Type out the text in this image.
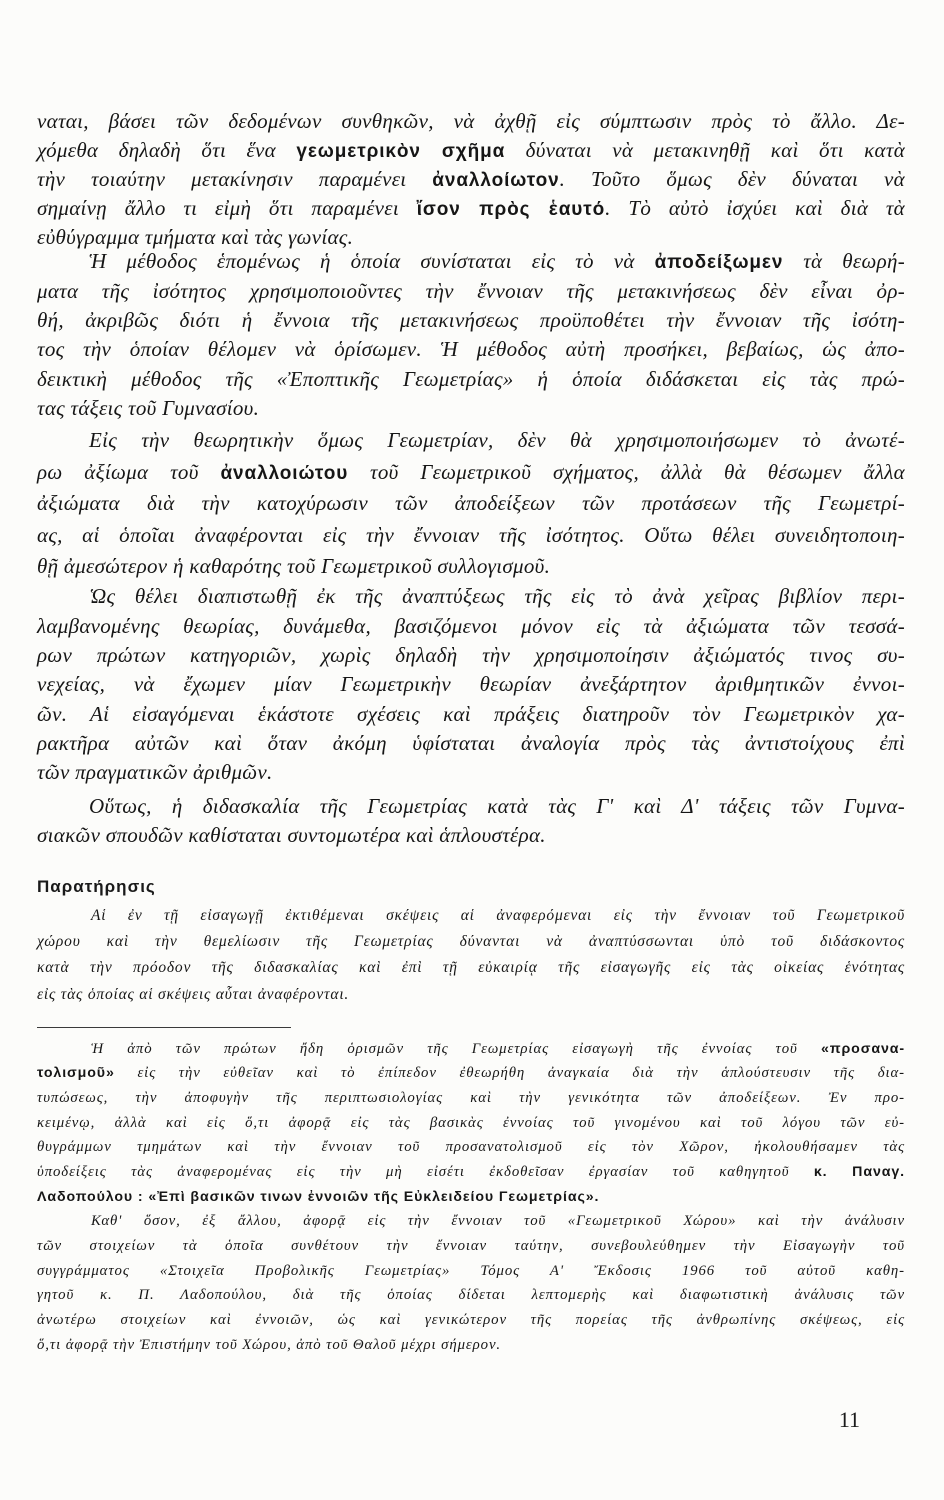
ναται, βάσει τῶν δεδομένων συνθηκῶν, νὰ ἀχθῇ εἰς σύμπτωσιν πρὸς τὸ ἄλλο. Δε-
χόμεθα δηλαδὴ ὅτι ἕνα γεωμετρικὸν σχῆμα δύναται νὰ μετακινηθῇ καὶ ὅτι κατὰ
τὴν τοιαύτην μετακίνησιν παραμένει ἀναλλοίωτον. Τοῦτο ὅμως δὲν δύναται νὰ
σημαίνῃ ἄλλο τι εἰμὴ ὅτι παραμένει ἴσον πρὸς ἑαυτό. Τὸ αὐτὸ ἰσχύει καὶ διὰ τὰ
εὐθύγραμμα τμήματα καὶ τὰς γωνίας.
Ἡ μέθοδος ἑπομένως ἡ ὁποία συνίσταται εἰς τὸ νὰ ἀποδείξωμεν τὰ θεωρή-
ματα τῆς ἰσότητος χρησιμοποιοῦντες τὴν ἔννοιαν τῆς μετακινήσεως δὲν εἶναι ὀρ-
θή, ἀκριβῶς διότι ἡ ἔννοια τῆς μετακινήσεως προϋποθέτει τὴν ἔννοιαν τῆς ἰσότη-
τος τὴν ὁποίαν θέλομεν νὰ ὁρίσωμεν. Ἡ μέθοδος αὐτὴ προσήκει, βεβαίως, ὡς ἀπο-
δεικτικὴ μέθοδος τῆς «Ἐποπτικῆς Γεωμετρίας» ἡ ὁποία διδάσκεται εἰς τὰς πρώ-
τας τάξεις τοῦ Γυμνασίου.
Εἰς τὴν θεωρητικὴν ὅμως Γεωμετρίαν, δὲν θὰ χρησιμοποιήσωμεν τὸ ἀνωτέ-
ρω ἀξίωμα τοῦ ἀναλλοιώτου τοῦ Γεωμετρικοῦ σχήματος, ἀλλὰ θὰ θέσωμεν ἄλλα
ἀξιώματα διὰ τὴν κατοχύρωσιν τῶν ἀποδείξεων τῶν προτάσεων τῆς Γεωμετρί-
ας, αἱ ὁποῖαι ἀναφέρονται εἰς τὴν ἔννοιαν τῆς ἰσότητος. Οὕτω θέλει συνειδητοποιη-
θῇ ἀμεσώτερον ἡ καθαρότης τοῦ Γεωμετρικοῦ συλλογισμοῦ.
Ὡς θέλει διαπιστωθῇ ἐκ τῆς ἀναπτύξεως τῆς εἰς τὸ ἀνὰ χεῖρας βιβλίον περι-
λαμβανομένης θεωρίας, δυνάμεθα, βασιζόμενοι μόνον εἰς τὰ ἀξιώματα τῶν τεσσά-
ρων πρώτων κατηγοριῶν, χωρὶς δηλαδὴ τὴν χρησιμοποίησιν ἀξιώματός τινος συ-
νεχείας, νὰ ἔχωμεν μίαν Γεωμετρικὴν θεωρίαν ἀνεξάρτητον ἀριθμητικῶν ἐννοι-
ῶν. Αἱ εἰσαγόμεναι ἑκάστοτε σχέσεις καὶ πράξεις διατηροῦν τὸν Γεωμετρικὸν χα-
ρακτῆρα αὐτῶν καὶ ὅταν ἀκόμη ὑφίσταται ἀναλογία πρὸς τὰς ἀντιστοίχους ἐπὶ
τῶν πραγματικῶν ἀριθμῶν.
Οὕτως, ἡ διδασκαλία τῆς Γεωμετρίας κατὰ τὰς Γ' καὶ Δ' τάξεις τῶν Γυμνα-
σιακῶν σπουδῶν καθίσταται συντομωτέρα καὶ ἁπλουστέρα.
Παρατήρησις
Αἱ ἐν τῇ εἰσαγωγῇ ἐκτιθέμεναι σκέψεις αἱ ἀναφερόμεναι εἰς τὴν ἔννοιαν τοῦ Γεωμετρικοῦ
χώρου καὶ τὴν θεμελίωσιν τῆς Γεωμετρίας δύνανται νὰ ἀναπτύσσωνται ὑπὸ τοῦ διδάσκοντος
κατὰ τὴν πρόοδον τῆς διδασκαλίας καὶ ἐπὶ τῇ εὐκαιρίᾳ τῆς εἰσαγωγῆς εἰς τὰς οἰκείας ἑνότητας
εἰς τὰς ὁποίας αἱ σκέψεις αὗται ἀναφέρονται.
Ἡ ἀπὸ τῶν πρώτων ἤδη ὁρισμῶν τῆς Γεωμετρίας εἰσαγωγὴ τῆς ἐννοίας τοῦ «προσανα-
τολισμοῦ» εἰς τὴν εὐθεῖαν καὶ τὸ ἐπίπεδον ἐθεωρήθη ἀναγκαία διὰ τὴν ἁπλούστευσιν τῆς δια-
τυπώσεως, τὴν ἀποφυγὴν τῆς περιπτωσιολογίας καὶ τὴν γενικότητα τῶν ἀποδείξεων. Ἐν προ-
κειμένῳ, ἀλλὰ καὶ εἰς ὅ,τι ἀφορᾷ εἰς τὰς βασικὰς ἐννοίας τοῦ γινομένου καὶ τοῦ λόγου τῶν εὐ-
θυγράμμων τμημάτων καὶ τὴν ἔννοιαν τοῦ προσανατολισμοῦ εἰς τὸν Χῶρον, ἠκολουθήσαμεν τὰς
ὑποδείξεις τὰς ἀναφερομένας εἰς τὴν μὴ εἰσέτι ἐκδοθεῖσαν ἐργασίαν τοῦ καθηγητοῦ κ. Παναγ.
Λαδοπούλου : «Ἐπὶ βασικῶν τινων ἐννοιῶν τῆς Εὐκλειδείου Γεωμετρίας».
Καθ' ὅσον, ἐξ ἄλλου, ἀφορᾷ εἰς τὴν ἔννοιαν τοῦ «Γεωμετρικοῦ Χώρου» καὶ τὴν ἀνάλυσιν
τῶν στοιχείων τὰ ὁποῖα συνθέτουν τὴν ἔννοιαν ταύτην, συνεβουλεύθημεν τὴν Εἰσαγωγὴν τοῦ
συγγράμματος «Στοιχεῖα Προβολικῆς Γεωμετρίας» Τόμος Α' Ἔκδοσις 1966 τοῦ αὐτοῦ καθη-
γητοῦ κ. Π. Λαδοπούλου, διὰ τῆς ὁποίας δίδεται λεπτομερὴς καὶ διαφωτιστικὴ ἀνάλυσις τῶν
ἀνωτέρω στοιχείων καὶ ἐννοιῶν, ὡς καὶ γενικώτερον τῆς πορείας τῆς ἀνθρωπίνης σκέψεως, εἰς
ὅ,τι ἀφορᾷ τὴν Ἐπιστήμην τοῦ Χώρου, ἀπὸ τοῦ Θαλοῦ μέχρι σήμερον.
11
